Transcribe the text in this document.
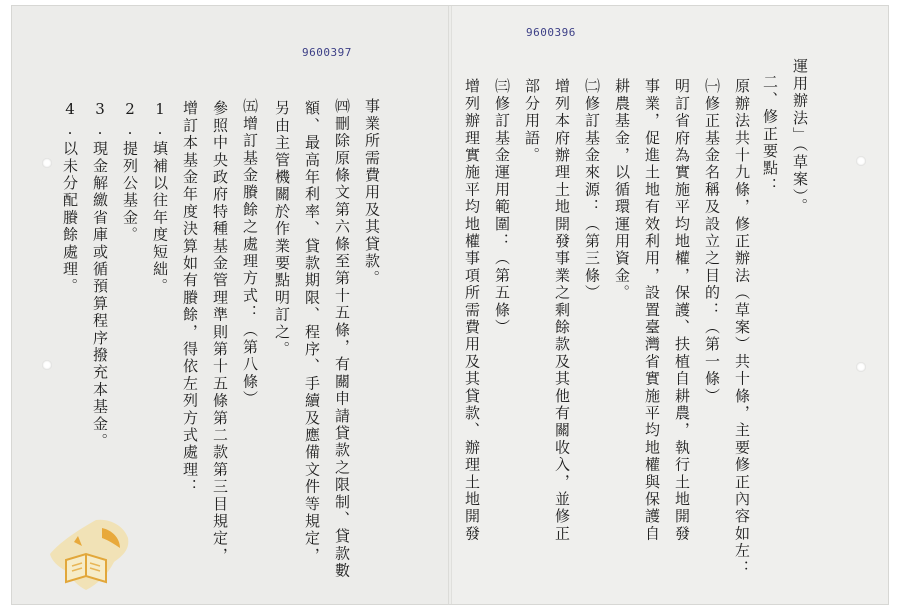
9600397
事業所需費用及其貸款。
㈣刪除原條文第六條至第十五條，有關申請貸款之限制、貸款數
額、最高年利率、貸款期限、程序、手續及應備文件等規定，
另由主管機關於作業要點明訂之。
㈤增訂基金賸餘之處理方式：（第八條）
參照中央政府特種基金管理準則第十五條第二款第三目規定，
增訂本基金年度決算如有賸餘，得依左列方式處理：
1.填補以往年度短絀。
2.提列公基金。
3.現金解繳省庫或循預算程序撥充本基金。
4.以未分配賸餘處理。
9600396
運用辦法」（草案）。
二、修正要點：
原辦法共十九條，修正辦法（草案）共十條，主要修正內容如左：
㈠修正基金名稱及設立之目的：（第一條）
明訂省府為實施平均地權，保護、扶植自耕農，執行土地開發
事業，促進土地有效利用，設置臺灣省實施平均地權與保護自
耕農基金，以循環運用資金。
㈡修訂基金來源：（第三條）
增列本府辦理土地開發事業之剩餘款及其他有關收入，並修正
部分用語。
㈢修訂基金運用範圍：（第五條）
增列辦理實施平均地權事項所需費用及其貸款、辦理土地開發
